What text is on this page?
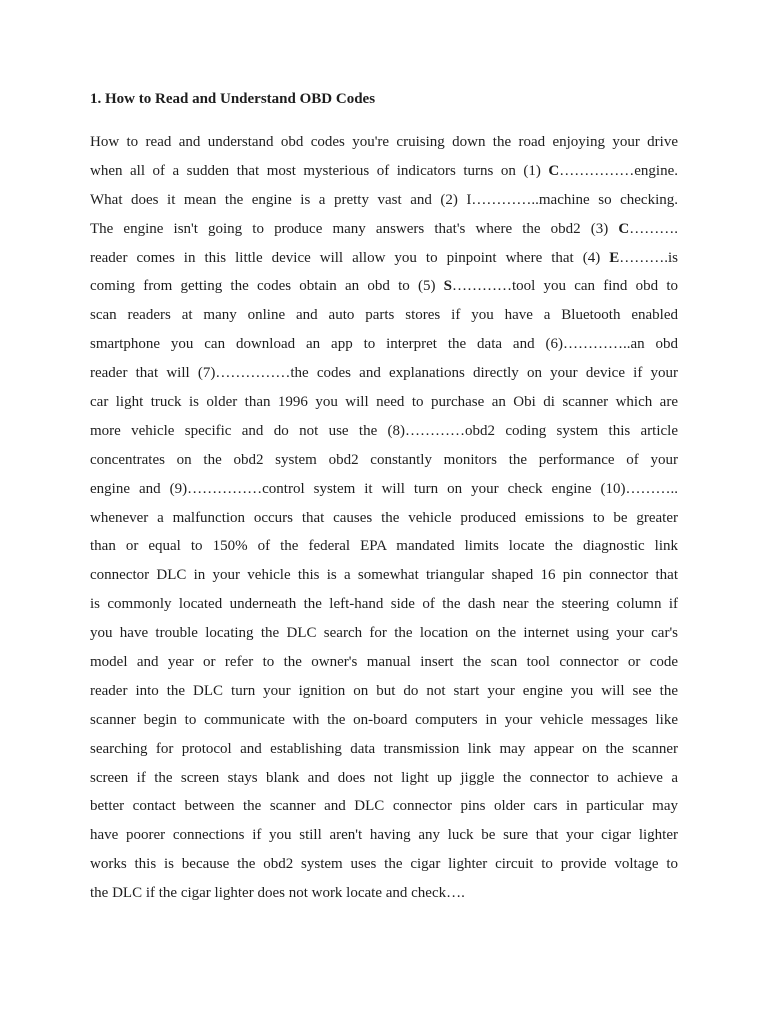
1. How to Read and Understand OBD Codes
How to read and understand obd codes you're cruising down the road enjoying your drive
when all of a sudden that most mysterious of indicators turns on (1) C……………engine.
What does it mean the engine is a pretty vast and (2) I…………..machine so checking.
The engine isn't going to produce many answers that's where the obd2 (3) C……….
reader comes in this little device will allow you to pinpoint where that (4) E……….is
coming from getting the codes obtain an obd to (5) S…………tool you can find obd to
scan readers at many online and auto parts stores if you have a Bluetooth enabled
smartphone you can download an app to interpret the data and (6)…………..an obd
reader that will (7)……………the codes and explanations directly on your device if your
car light truck is older than 1996 you will need to purchase an Obi di scanner which are
more vehicle specific and do not use the (8)…………obd2 coding system this article
concentrates on the obd2 system obd2 constantly monitors the performance of your
engine and (9)……………control system it will turn on your check engine (10)………..
whenever a malfunction occurs that causes the vehicle produced emissions to be greater
than or equal to 150% of the federal EPA mandated limits locate the diagnostic link
connector DLC in your vehicle this is a somewhat triangular shaped 16 pin connector that
is commonly located underneath the left-hand side of the dash near the steering column if
you have trouble locating the DLC search for the location on the internet using your car's
model and year or refer to the owner's manual insert the scan tool connector or code
reader into the DLC turn your ignition on but do not start your engine you will see the
scanner begin to communicate with the on-board computers in your vehicle messages like
searching for protocol and establishing data transmission link may appear on the scanner
screen if the screen stays blank and does not light up jiggle the connector to achieve a
better contact between the scanner and DLC connector pins older cars in particular may
have poorer connections if you still aren't having any luck be sure that your cigar lighter
works this is because the obd2 system uses the cigar lighter circuit to provide voltage to
the DLC if the cigar lighter does not work locate and check….
